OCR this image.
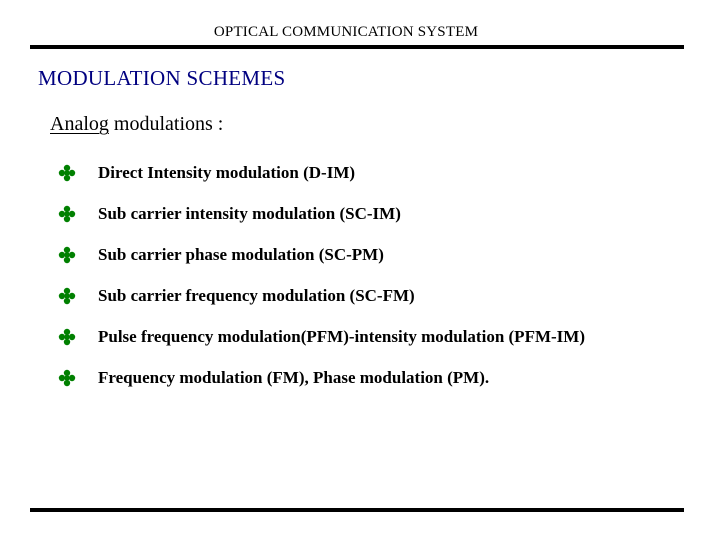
OPTICAL COMMUNICATION SYSTEM
MODULATION SCHEMES
Analog modulations :
Direct Intensity modulation (D-IM)
Sub carrier intensity modulation (SC-IM)
Sub carrier phase modulation (SC-PM)
Sub carrier frequency modulation (SC-FM)
Pulse frequency modulation(PFM)-intensity modulation (PFM-IM)
Frequency modulation (FM), Phase modulation (PM).
